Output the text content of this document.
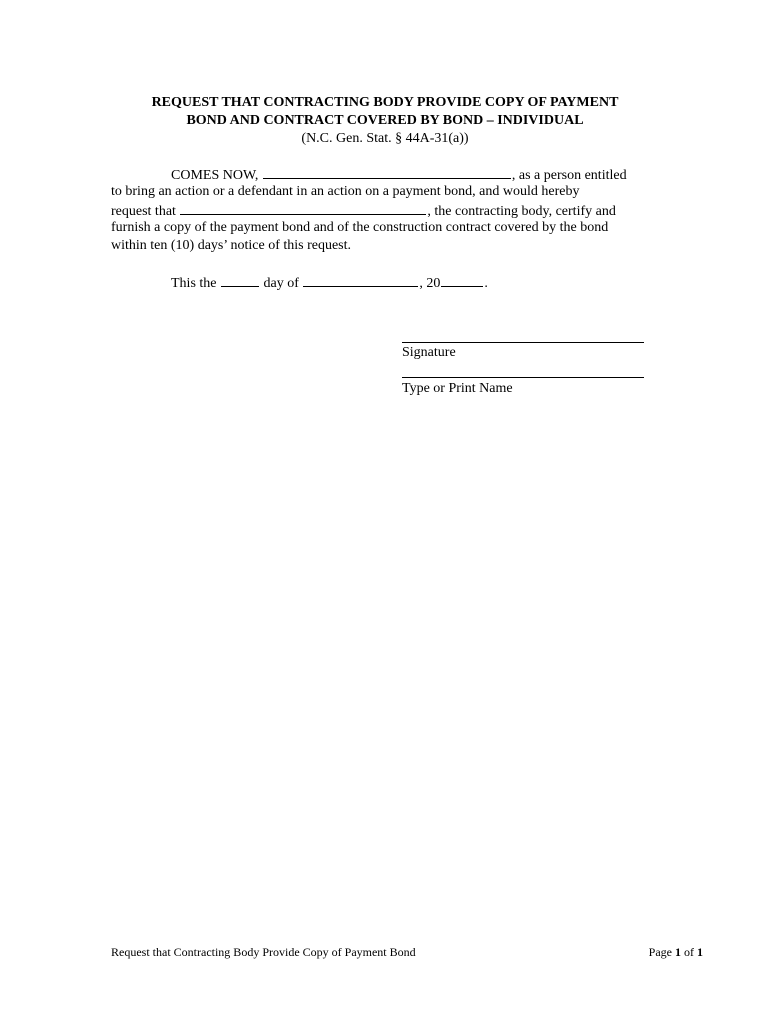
REQUEST THAT CONTRACTING BODY PROVIDE COPY OF PAYMENT
BOND AND CONTRACT COVERED BY BOND – INDIVIDUAL
(N.C. Gen. Stat. § 44A-31(a))
COMES NOW,	, as a person entitled
to bring an action or a defendant in an action on a payment bond, and would hereby
request that	, the contracting body, certify and
furnish a copy of the payment bond and of the construction contract covered by the bond
within ten (10) days’ notice of this request.
This the	day of	, 20	.
Signature
Type or Print Name
Request that Contracting Body Provide Copy of Payment Bond	Page 1 of 1
